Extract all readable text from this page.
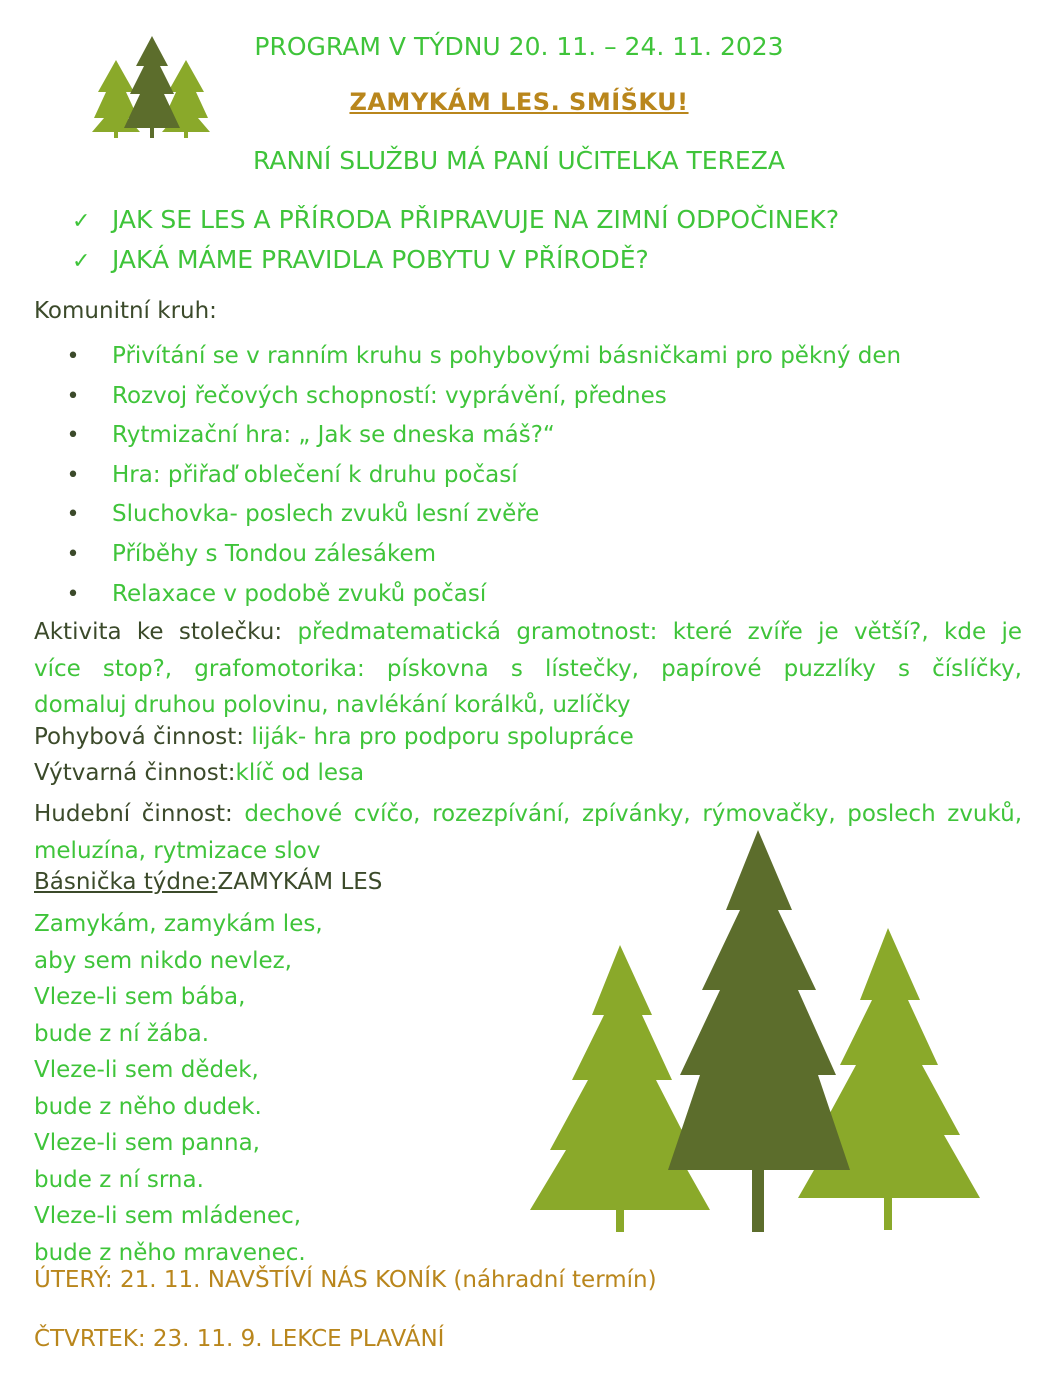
PROGRAM V TÝDNU 20. 11. – 24. 11. 2023
ZAMYKÁM LES. SMÍŠKU!
RANNÍ SLUŽBU MÁ PANÍ UČITELKA TEREZA
✓ JAK SE LES A PŘÍRODA PŘIPRAVUJE NA ZIMNÍ ODPOČINEK?
✓ JAKÁ MÁME PRAVIDLA POBYTU V PŘÍRODĚ?
Komunitní kruh:
• Přivítání se v ranním kruhu s pohybovými básničkami pro pěkný den
• Rozvoj řečových schopností: vyprávění, přednes
• Rytmizační hra: „ Jak se dneska máš?“
• Hra: přiřaď oblečení k druhu počasí
• Sluchovka- poslech zvuků lesní zvěře
• Příběhy s Tondou zálesákem
• Relaxace v podobě zvuků počasí
Aktivita ke stolečku: předmatematická gramotnost: které zvíře je větší?, kde je
více stop?, grafomotorika: pískovna s lístečky, papírové puzzlíky s číslíčky,
domaluj druhou polovinu, navlékání korálků, uzlíčky
Pohybová činnost: liják- hra pro podporu spolupráce
Výtvarná činnost:klíč od lesa
Hudební činnost: dechové cvíčo, rozezpívání, zpívánky, rýmovačky, poslech zvuků,
meluzína, rytmizace slov
Básnička týdne:ZAMYKÁM LES
Zamykám, zamykám les,
aby sem nikdo nevlez,
Vleze-li sem bába,
bude z ní žába.
Vleze-li sem dědek,
bude z něho dudek.
Vleze-li sem panna,
bude z ní srna.
Vleze-li sem mládenec,
bude z něho mravenec.
ÚTERÝ: 21. 11. NAVŠTÍVÍ NÁS KONÍK (náhradní termín)
ČTVRTEK: 23. 11. 9. LEKCE PLAVÁNÍ
